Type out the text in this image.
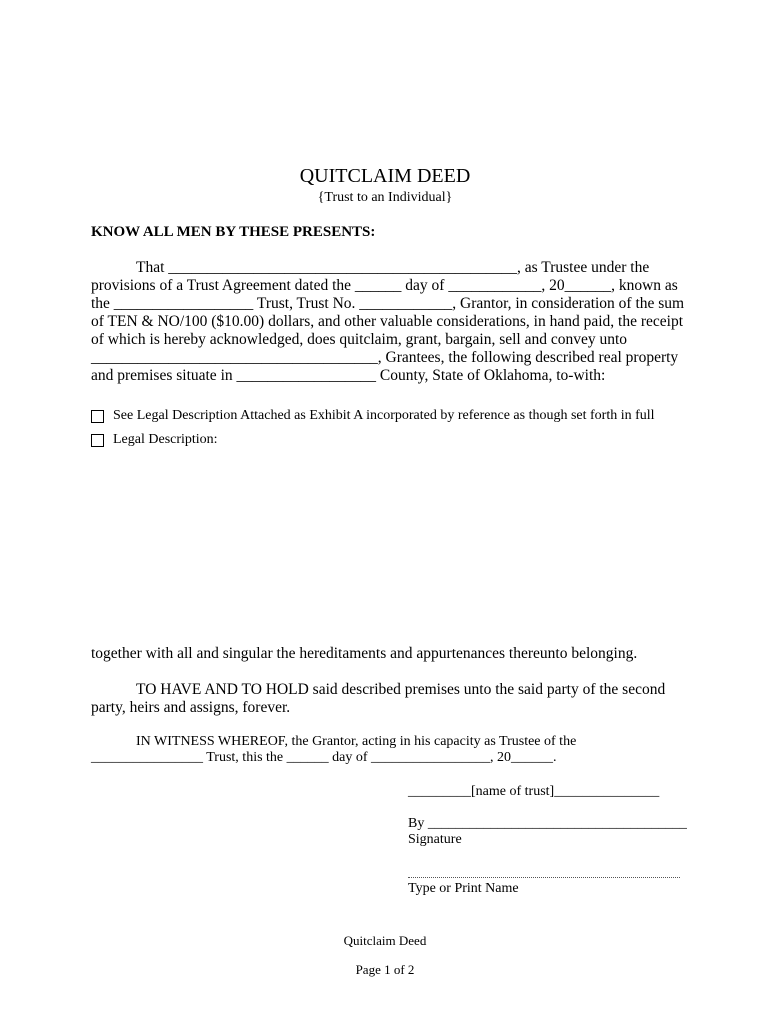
QUITCLAIM DEED
{Trust to an Individual}
KNOW ALL MEN BY THESE PRESENTS:
That _____________________________________________, as Trustee under the
provisions of a Trust Agreement dated the ______ day of ____________, 20______, known as
the __________________ Trust, Trust No. ____________, Grantor, in consideration of the sum
of TEN & NO/100 ($10.00) dollars, and other valuable considerations, in hand paid, the receipt
of which is hereby acknowledged, does quitclaim, grant, bargain, sell and convey unto
_____________________________________, Grantees, the following described real property
and premises situate in __________________ County, State of Oklahoma, to-with:
See Legal Description Attached as Exhibit A incorporated by reference as though set forth in full
Legal Description:
together with all and singular the hereditaments and appurtenances thereunto belonging.
TO HAVE AND TO HOLD said described premises unto the said party of the second
party, heirs and assigns, forever.
IN WITNESS WHEREOF, the Grantor, acting in his capacity as Trustee of the
________________ Trust, this the ______ day of _________________, 20______.
_________[name of trust]_______________
By _____________________________________
Signature
Type or Print Name
Quitclaim Deed
Page 1 of 2
